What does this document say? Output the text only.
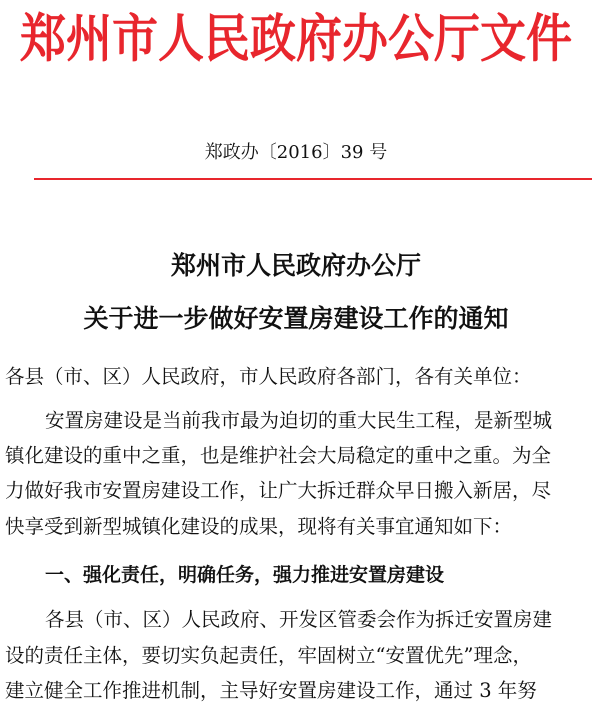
郑州市人民政府办公厅文件
郑政办〔2016〕39 号
郑州市人民政府办公厅
关于进一步做好安置房建设工作的通知
各县（市、区）人民政府，市人民政府各部门，各有关单位：
安置房建设是当前我市最为迫切的重大民生工程，是新型城
镇化建设的重中之重，也是维护社会大局稳定的重中之重。为全
力做好我市安置房建设工作，让广大拆迁群众早日搬入新居，尽
快享受到新型城镇化建设的成果，现将有关事宜通知如下：
一、强化责任，明确任务，强力推进安置房建设
各县（市、区）人民政府、开发区管委会作为拆迁安置房建
设的责任主体，要切实负起责任，牢固树立“安置优先”理念，
建立健全工作推进机制，主导好安置房建设工作，通过 3 年努
